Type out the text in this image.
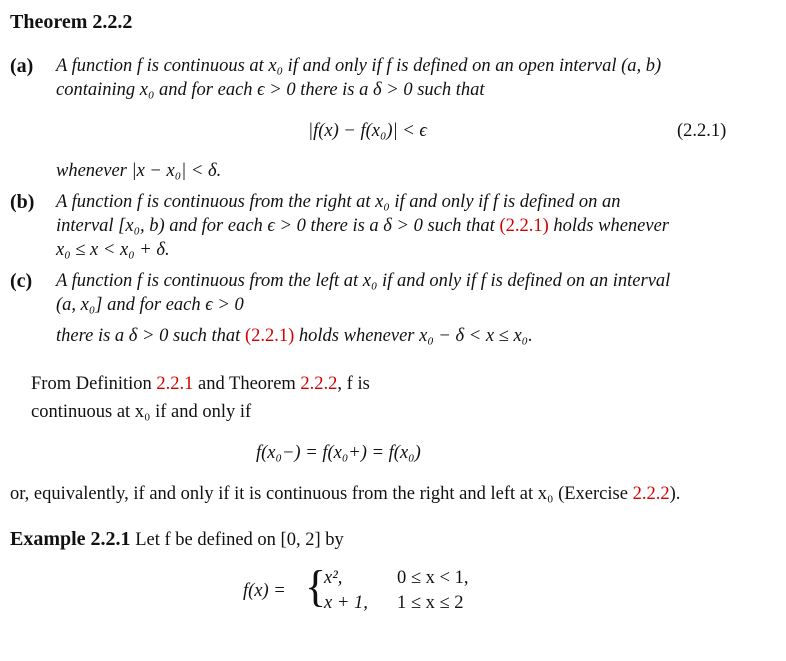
Theorem 2.2.2
(a) A function f is continuous at x₀ if and only if f is defined on an open interval (a, b)
containing x₀ and for each ϵ > 0 there is a δ > 0 such that
|f(x) − f(x₀)| < ϵ	(2.2.1)
whenever |x − x₀| < δ.
(b) A function f is continuous from the right at x₀ if and only if f is defined on an
interval [x₀, b) and for each ϵ > 0 there is a δ > 0 such that (2.2.1) holds whenever
x₀ ≤ x < x₀ + δ.
(c) A function f is continuous from the left at x₀ if and only if f is defined on an interval
(a, x₀] and for each ϵ > 0
there is a δ > 0 such that (2.2.1) holds whenever x₀ − δ < x ≤ x₀.
From Definition 2.2.1 and Theorem 2.2.2, f is
continuous at x₀ if and only if
f(x₀−) = f(x₀+) = f(x₀)
or, equivalently, if and only if it is continuous from the right and left at x₀ (Exercise 2.2.2).
Example 2.2.1 Let f be defined on [0, 2] by
f(x) = {
x²,	0 ≤ x < 1,
x + 1, 1 ≤ x ≤ 2
